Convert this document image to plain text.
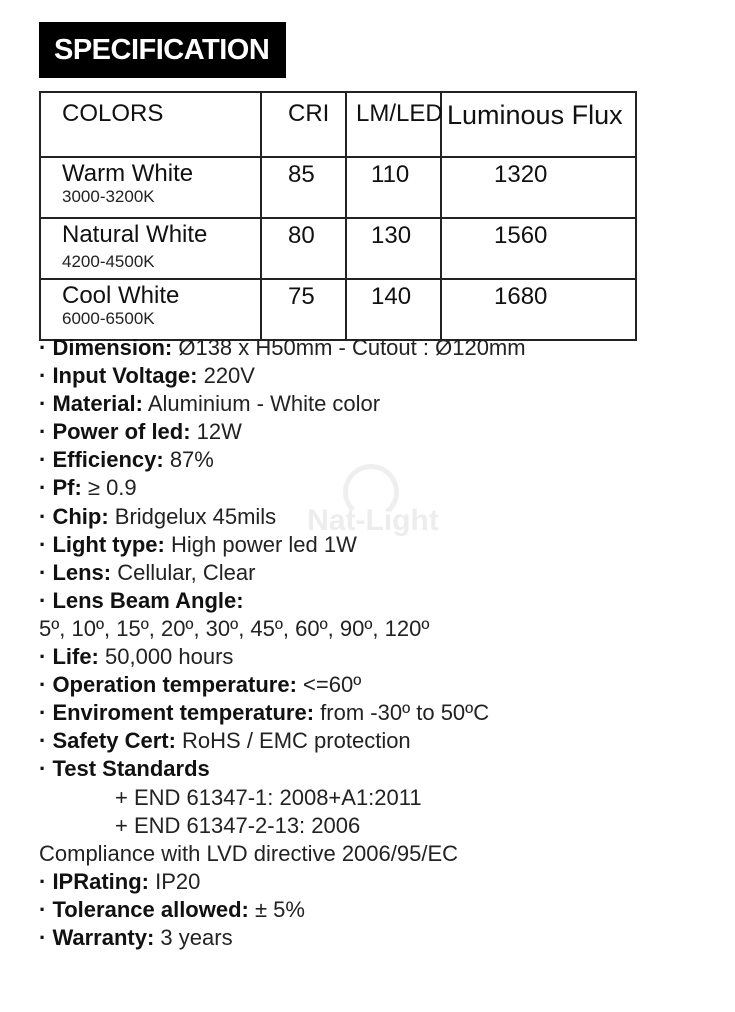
SPECIFICATION
COLORS	CRI	LM/LED	Luminous Flux

Warm White
3000-3200K	85	110	1320

Natural White
4200-4500K	80	130	1560

Cool White
6000-6500K	75	140	1680
Nat-Light
· Dimension: Ø138 x H50mm - Cutout : Ø120mm
· Input Voltage: 220V
· Material: Aluminium - White color
· Power of led: 12W
· Efficiency: 87%
· Pf: ≥ 0.9
· Chip: Bridgelux 45mils
· Light type: High power led 1W
· Lens: Cellular, Clear
· Lens Beam Angle:
5º, 10º, 15º, 20º, 30º, 45º, 60º, 90º, 120º
· Life: 50,000 hours
· Operation temperature: <=60º
· Enviroment temperature: from -30º to 50ºC
· Safety Cert: RoHS / EMC protection
· Test Standards
+ END 61347-1: 2008+A1:2011
+ END 61347-2-13: 2006
Compliance with LVD directive 2006/95/EC
· IPRating: IP20
· Tolerance allowed: ± 5%
· Warranty: 3 years
